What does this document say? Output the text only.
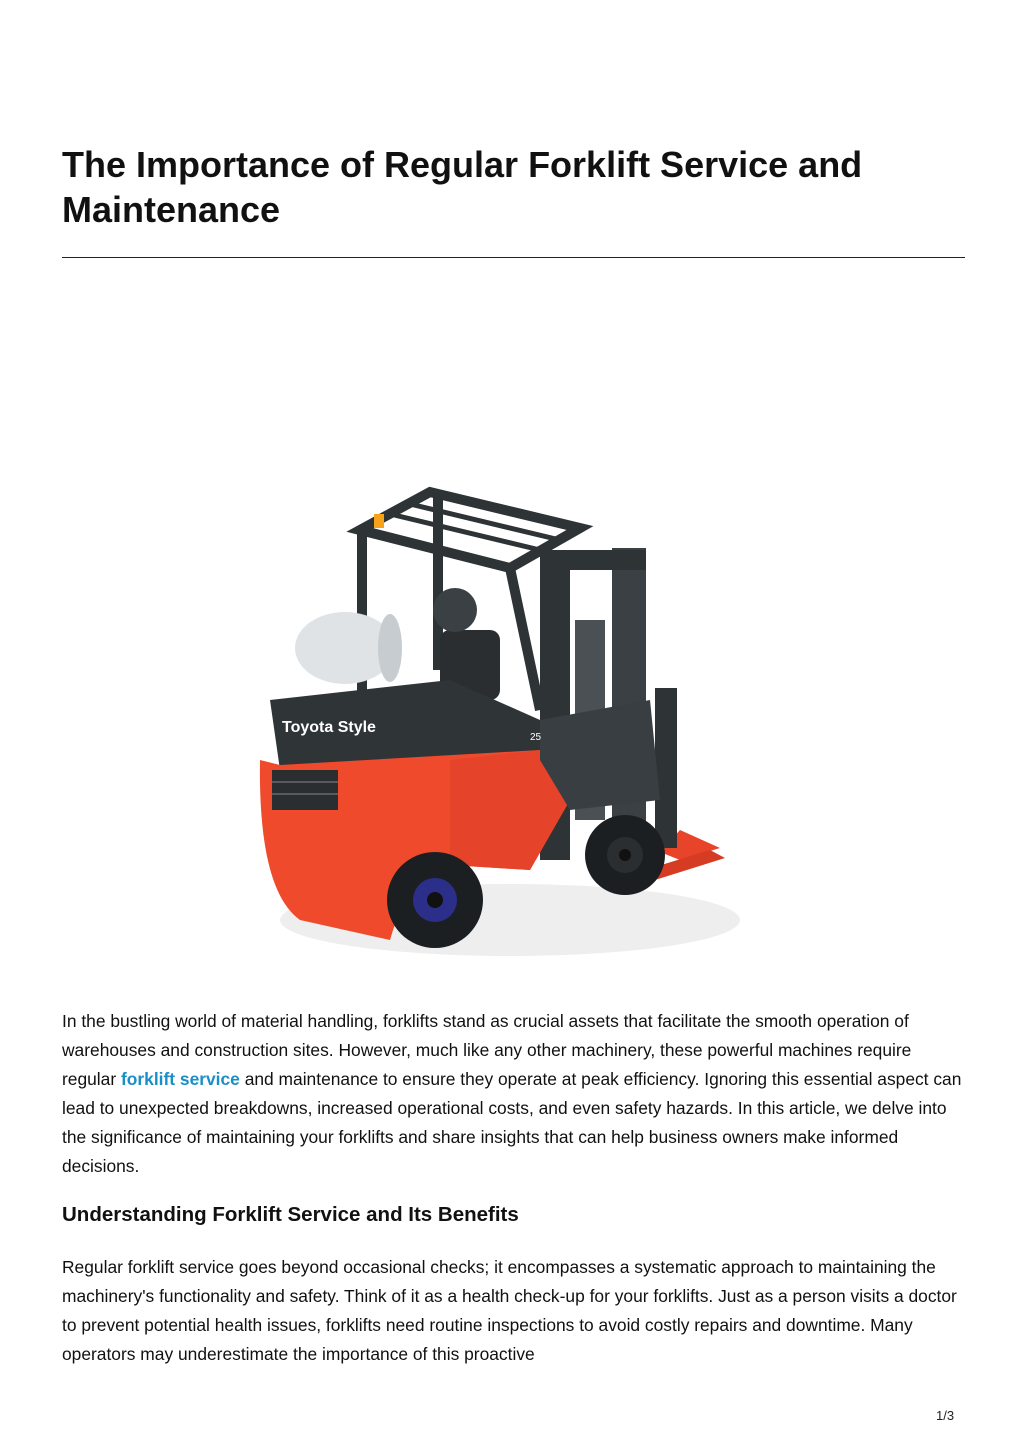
The Importance of Regular Forklift Service and Maintenance
Toyota Style
25

In the bustling world of material handling, forklifts stand as crucial assets that facilitate the smooth operation of warehouses and construction sites. However, much like any other machinery, these powerful machines require regular forklift service and maintenance to ensure they operate at peak efficiency. Ignoring this essential aspect can lead to unexpected breakdowns, increased operational costs, and even safety hazards. In this article, we delve into the significance of maintaining your forklifts and share insights that can help business owners make informed decisions.

Understanding Forklift Service and Its Benefits

Regular forklift service goes beyond occasional checks; it encompasses a systematic approach to maintaining the machinery's functionality and safety. Think of it as a health check-up for your forklifts. Just as a person visits a doctor to prevent potential health issues, forklifts need routine inspections to avoid costly repairs and downtime. Many operators may underestimate the importance of this proactive

1/3
